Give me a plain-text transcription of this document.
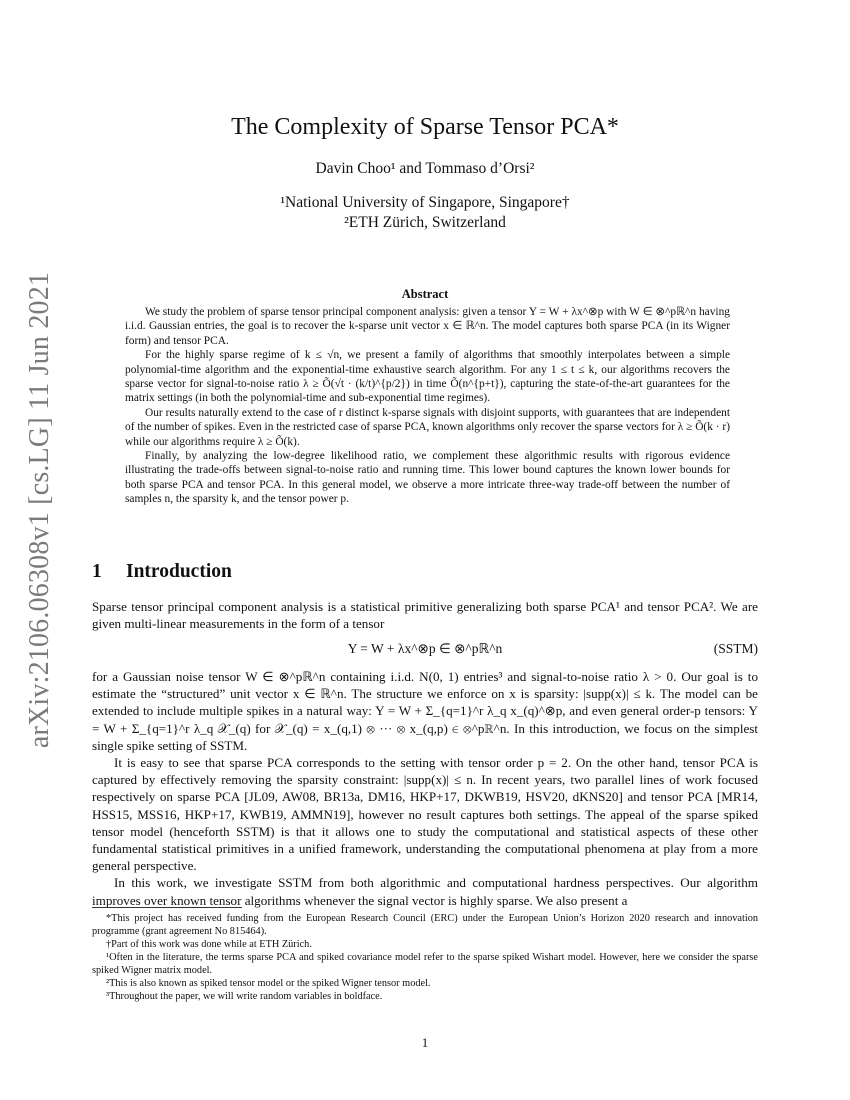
arXiv:2106.06308v1 [cs.LG] 11 Jun 2021
The Complexity of Sparse Tensor PCA*
Davin Choo¹ and Tommaso d’Orsi²
¹National University of Singapore, Singapore†
²ETH Zürich, Switzerland
Abstract

We study the problem of sparse tensor principal component analysis: given a tensor Y = W + λx^⊗p with W ∈ ⊗^pℝ^n having i.i.d. Gaussian entries, the goal is to recover the k-sparse unit vector x ∈ ℝ^n. The model captures both sparse PCA (in its Wigner form) and tensor PCA.

For the highly sparse regime of k ≤ √n, we present a family of algorithms that smoothly interpolates between a simple polynomial-time algorithm and the exponential-time exhaustive search algorithm. For any 1 ≤ t ≤ k, our algorithms recovers the sparse vector for signal-to-noise ratio λ ≥ Õ(√t · (k/t)^{p/2}) in time Õ(n^{p+t}), capturing the state-of-the-art guarantees for the matrix settings (in both the polynomial-time and sub-exponential time regimes).

Our results naturally extend to the case of r distinct k-sparse signals with disjoint supports, with guarantees that are independent of the number of spikes. Even in the restricted case of sparse PCA, known algorithms only recover the sparse vectors for λ ≥ Õ(k · r) while our algorithms require λ ≥ Õ(k).

Finally, by analyzing the low-degree likelihood ratio, we complement these algorithmic results with rigorous evidence illustrating the trade-offs between signal-to-noise ratio and running time. This lower bound captures the known lower bounds for both sparse PCA and tensor PCA. In this general model, we observe a more intricate three-way trade-off between the number of samples n, the sparsity k, and the tensor power p.

1 Introduction

Sparse tensor principal component analysis is a statistical primitive generalizing both sparse PCA¹ and tensor PCA². We are given multi-linear measurements in the form of a tensor

Y = W + λx^⊗p ∈ ⊗^pℝ^n	(SSTM)

for a Gaussian noise tensor W ∈ ⊗^pℝ^n containing i.i.d. N(0, 1) entries³ and signal-to-noise ratio λ > 0. Our goal is to estimate the “structured” unit vector x ∈ ℝ^n. The structure we enforce on x is sparsity: |supp(x)| ≤ k. The model can be extended to include multiple spikes in a natural way: Y = W + Σ_{q=1}^r λ_q x_(q)^⊗p, and even general order-p tensors: Y = W + Σ_{q=1}^r λ_q 𝒳_(q) for 𝒳_(q) = x_(q,1) ⊗ ··· ⊗ x_(q,p) ∈ ⊗^pℝ^n. In this introduction, we focus on the simplest single spike setting of SSTM.

It is easy to see that sparse PCA corresponds to the setting with tensor order p = 2. On the other hand, tensor PCA is captured by effectively removing the sparsity constraint: |supp(x)| ≤ n. In recent years, two parallel lines of work focused respectively on sparse PCA [JL09, AW08, BR13a, DM16, HKP+17, DKWB19, HSV20, dKNS20] and tensor PCA [MR14, HSS15, MSS16, HKP+17, KWB19, AMMN19], however no result captures both settings. The appeal of the sparse spiked tensor model (henceforth SSTM) is that it allows one to study the computational and statistical aspects of these other fundamental statistical primitives in a unified framework, understanding the computational phenomena at play from a more general perspective.

In this work, we investigate SSTM from both algorithmic and computational hardness perspectives. Our algorithm improves over known tensor algorithms whenever the signal vector is highly sparse. We also present a

*This project has received funding from the European Research Council (ERC) under the European Union’s Horizon 2020 research and innovation programme (grant agreement No 815464).

†Part of this work was done while at ETH Zürich.

¹Often in the literature, the terms sparse PCA and spiked covariance model refer to the sparse spiked Wishart model. However, here we consider the sparse spiked Wigner matrix model.

²This is also known as spiked tensor model or the spiked Wigner tensor model.

³Throughout the paper, we will write random variables in boldface.

1
